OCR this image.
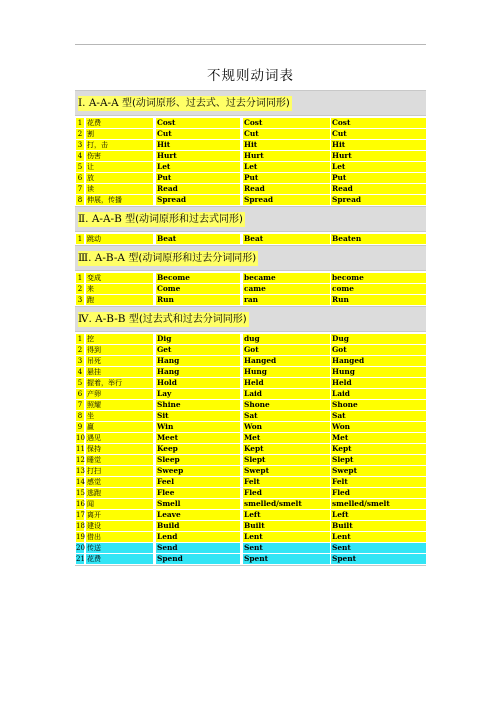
不规则动词表
Ⅰ. A-A-A 型(动词原形、过去式、过去分词同形)
1 花费	Cost	Cost	Cost
2 割	Cut	Cut	Cut
3 打，击	Hit	Hit	Hit
4 伤害	Hurt	Hurt	Hurt
5 让	Let	Let	Let
6 放	Put	Put	Put
7 读	Read	Read	Read
8 伸展，传播	Spread	Spread	Spread
Ⅱ. A-A-B 型(动词原形和过去式同形)
1 跳动	Beat	Beat	Beaten
Ⅲ. A-B-A 型(动词原形和过去分词同形)
1 变成	Become	became	become
2 来	Come	came	come
3 跑	Run	ran	Run
Ⅳ. A-B-B 型(过去式和过去分词同形)
1 挖	Dig	dug	Dug
2 得到	Get	Got	Got
3 吊死	Hang	Hanged	Hanged
4 悬挂	Hang	Hung	Hung
5 握着，举行	Hold	Held	Held
6 产卵	Lay	Laid	Laid
7 照耀	Shine	Shone	Shone
8 坐	Sit	Sat	Sat
9 赢	Win	Won	Won
10 遇见	Meet	Met	Met
11 保持	Keep	Kept	Kept
12 睡觉	Sleep	Slept	Slept
13 打扫	Sweep	Swept	Swept
14 感觉	Feel	Felt	Felt
15 逃跑	Flee	Fled	Fled
16 闻	Smell	smelled/smelt	smelled/smelt
17 离开	Leave	Left	Left
18 建设	Build	Built	Built
19 借出	Lend	Lent	Lent
20 传送	Send	Sent	Sent
21 花费	Spend	Spent	Spent
